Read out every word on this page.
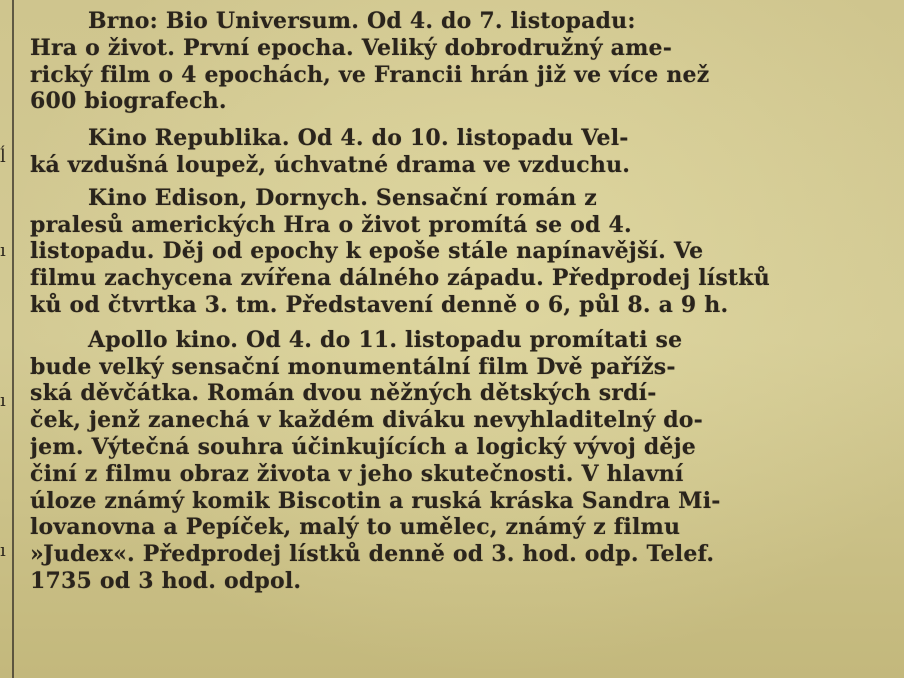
ĺ
ı
ı
ı
Brno: Bio Universum. Od 4. do 7. listopadu:
Hra o život. První epocha. Veliký dobrodružný ame-
rický film o 4 epochách, ve Francii hrán již ve více než
600 biografech.
Kino Republika. Od 4. do 10. listopadu Vel-
ká vzdušná loupež, úchvatné drama ve vzduchu.
Kino Edison, Dornych. Sensační román z
pralesů amerických Hra o život promítá se od 4.
listopadu. Děj od epochy k epoše stále napínavější. Ve
filmu zachycena zvířena dálného západu. Předprodej lístků
ků od čtvrtka 3. tm. Představení denně o 6, půl 8. a 9 h.
Apollo kino. Od 4. do 11. listopadu promítati se
bude velký sensační monumentální film Dvě pařížs-
ská děvčátka. Román dvou něžných dětských srdí-
ček, jenž zanechá v každém diváku nevyhladitelný do-
jem. Výtečná souhra účinkujících a logický vývoj děje
činí z filmu obraz života v jeho skutečnosti. V hlavní
úloze známý komik Biscotin a ruská kráska Sandra Mi-
lovanovna a Pepíček, malý to umělec, známý z filmu
»Judex«. Předprodej lístků denně od 3. hod. odp. Telef.
1735 od 3 hod. odpol.
